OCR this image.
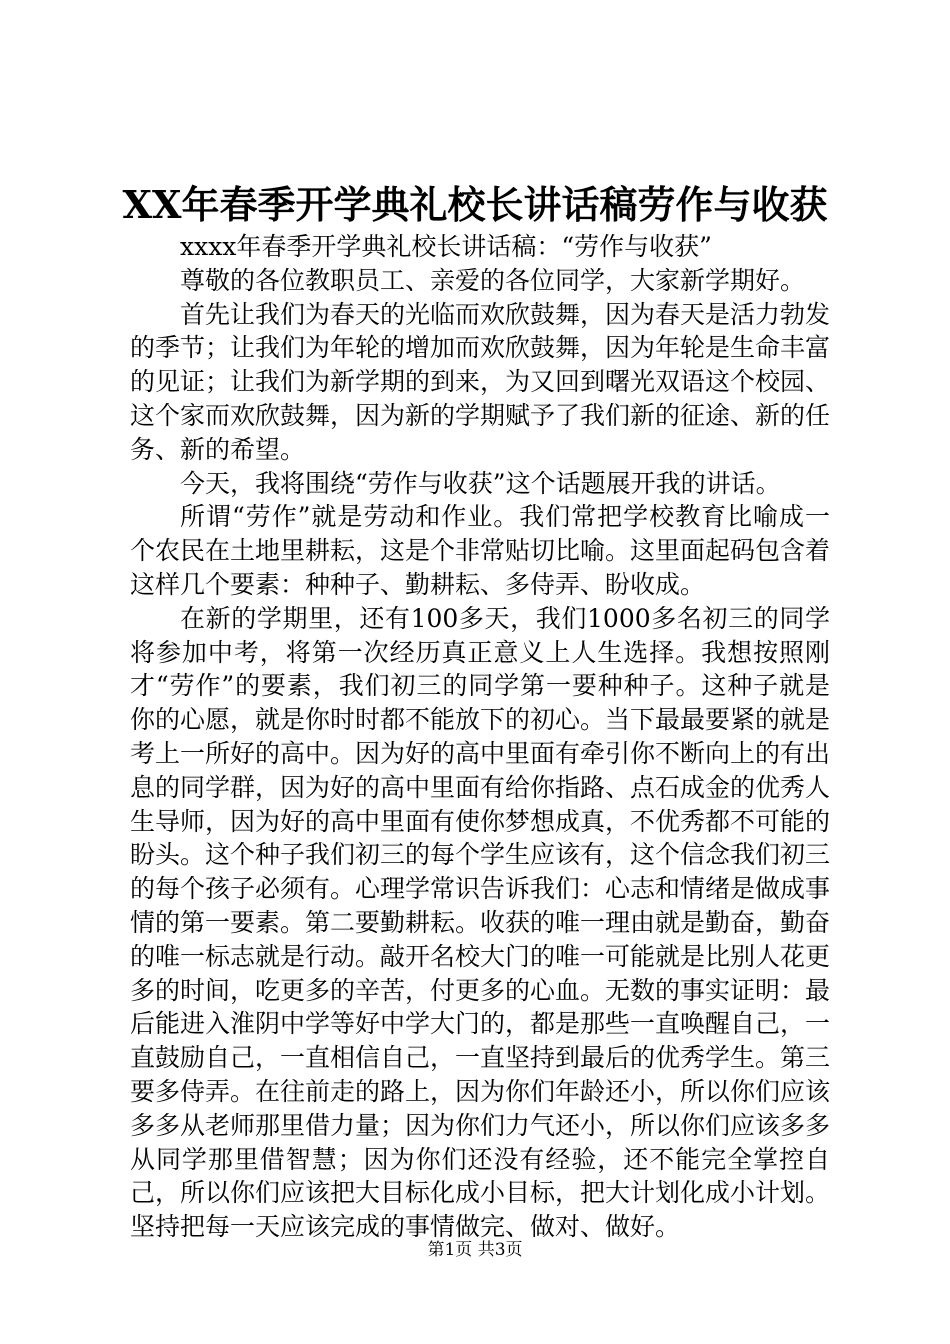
XX年春季开学典礼校长讲话稿劳作与收获

xxxx年春季开学典礼校长讲话稿：“劳作与收获”

尊敬的各位教职员工、亲爱的各位同学，大家新学期好。

首先让我们为春天的光临而欢欣鼓舞，因为春天是活力勃发的季节；让我们为年轮的增加而欢欣鼓舞，因为年轮是生命丰富的见证；让我们为新学期的到来，为又回到曙光双语这个校园、这个家而欢欣鼓舞，因为新的学期赋予了我们新的征途、新的任务、新的希望。

今天，我将围绕“劳作与收获”这个话题展开我的讲话。

所谓“劳作”就是劳动和作业。我们常把学校教育比喻成一个农民在土地里耕耘，这是个非常贴切比喻。这里面起码包含着这样几个要素：种种子、勤耕耘、多侍弄、盼收成。

在新的学期里，还有100多天，我们1000多名初三的同学将参加中考，将第一次经历真正意义上人生选择。我想按照刚才“劳作”的要素，我们初三的同学第一要种种子。这种子就是你的心愿，就是你时时都不能放下的初心。当下最最要紧的就是考上一所好的高中。因为好的高中里面有牵引你不断向上的有出息的同学群，因为好的高中里面有给你指路、点石成金的优秀人生导师，因为好的高中里面有使你梦想成真，不优秀都不可能的盼头。这个种子我们初三的每个学生应该有，这个信念我们初三的每个孩子必须有。心理学常识告诉我们：心志和情绪是做成事情的第一要素。第二要勤耕耘。收获的唯一理由就是勤奋，勤奋的唯一标志就是行动。敲开名校大门的唯一可能就是比别人花更多的时间，吃更多的辛苦，付更多的心血。无数的事实证明：最后能进入淮阴中学等好中学大门的，都是那些一直唤醒自己，一直鼓励自己，一直相信自己，一直坚持到最后的优秀学生。第三要多侍弄。在往前走的路上，因为你们年龄还小，所以你们应该多多从老师那里借力量；因为你们力气还小，所以你们应该多多从同学那里借智慧；因为你们还没有经验，还不能完全掌控自己，所以你们应该把大目标化成小目标，把大计划化成小计划。坚持把每一天应该完成的事情做完、做对、做好。

第1页 共3页
